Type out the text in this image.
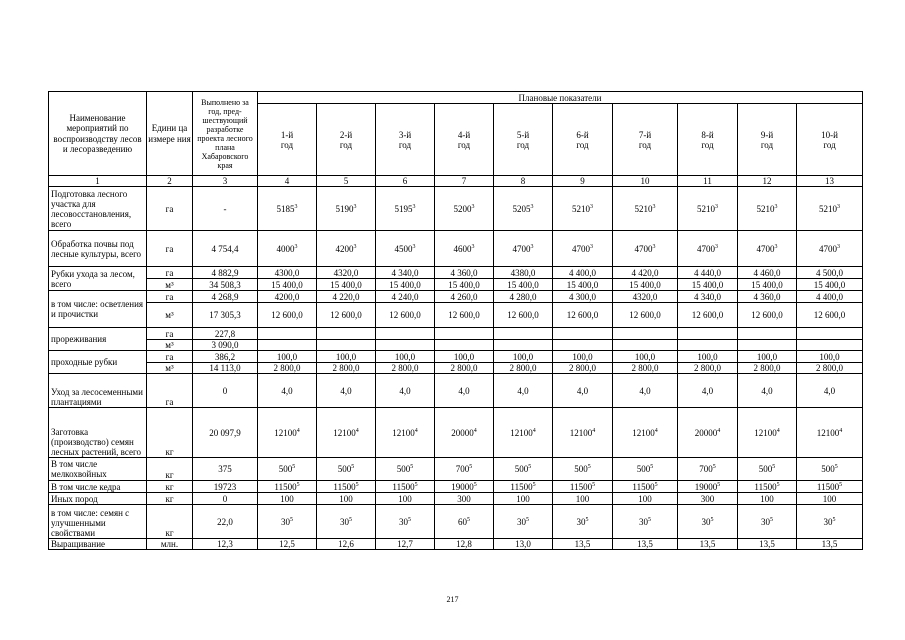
Наименование мероприятий по воспроизводству лесов и лесоразведению	Едини ца измере ния	Выполнено за год, пред-шествующий разработке проекта лесного плана Хабаровского края	Плановые показатели									
			1-й год	2-й год	3-й год	4-й год	5-й год	6-й год	7-й год	8-й год	9-й год	10-й год
1	2	3	4	5	6	7	8	9	10	11	12	13
Подготовка лесного участка для лесовосстановления, всего	га	-	5185$^3$	5190$^3$	5195$^3$	5200$^3$	5205$^3$	5210$^3$	5210$^3$	5210$^3$	5210$^3$	5210$^3$
Обработка почвы под лесные культуры, всего	га	4 754,4	4000$^3$	4200$^3$	4500$^3$	4600$^3$	4700$^3$	4700$^3$	4700$^3$	4700$^3$	4700$^3$	4700$^3$
Рубки ухода за лесом, всего	га	4 882,9	4300,0	4320,0	4 340,0	4 360,0	4380,0	4 400,0	4 420,0	4 440,0	4 460,0	4 500,0
	м³	34 508,3	15 400,0	15 400,0	15 400,0	15 400,0	15 400,0	15 400,0	15 400,0	15 400,0	15 400,0	15 400,0
в том числе: осветления и прочистки	га	4 268,9	4200,0	4 220,0	4 240,0	4 260,0	4 280,0	4 300,0	4320,0	4 340,0	4 360,0	4 400,0
	м³	17 305,3	12 600,0	12 600,0	12 600,0	12 600,0	12 600,0	12 600,0	12 600,0	12 600,0	12 600,0	12 600,0
прореживания	га	227,8										
	м³	3 090,0										
проходные рубки	га	386,2	100,0	100,0	100,0	100,0	100,0	100,0	100,0	100,0	100,0	100,0
	м³	14 113,0	2 800,0	2 800,0	2 800,0	2 800,0	2 800,0	2 800,0	2 800,0	2 800,0	2 800,0	2 800,0
Уход за лесосеменными плантациями	га	0	4,0	4,0	4,0	4,0	4,0	4,0	4,0	4,0	4,0	4,0
Заготовка (производство) семян лесных растений, всего	кг	20 097,9	12100$^4$	12100$^4$	12100$^4$	20000$^4$	12100$^4$	12100$^4$	12100$^4$	20000$^4$	12100$^4$	12100$^4$
В том числе мелкохвойных	кг	375	$500^5$	$500^5$	$500^5$	$700^5$	$500^5$	$500^5$	$500^5$	$700^5$	$500^5$	$500^5$
В том числе кедра	кг	19723	11500$^5$	11500$^5$	11500$^5$	19000$^5$	11500$^5$	11500$^5$	11500$^5$	19000$^5$	11500$^5$	11500$^5$
Иных пород	кг	0	100	100	100	300	100	100	100	300	100	100
в том числе: семян с улучшенными свойствами	кг	22,0	$30^5$	$30^5$	$30^5$	$60^5$	$30^5$	$30^5$	$30^5$	$30^5$	$30^5$	$30^5$
Выращивание	млн.	12,3	12,5	12,6	12,7	12,8	13,0	13,5	13,5	13,5	13,5	13,5
217
